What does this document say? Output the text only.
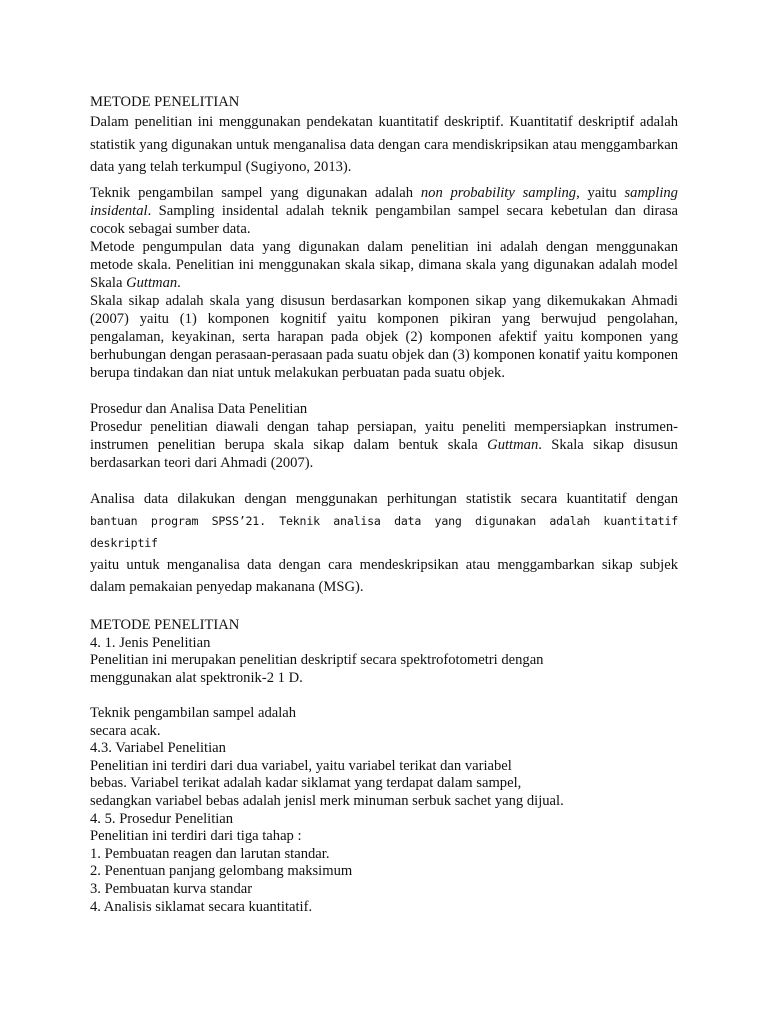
METODE PENELITIAN

Dalam penelitian ini menggunakan pendekatan kuantitatif deskriptif. Kuantitatif deskriptif adalah statistik yang digunakan untuk menganalisa data dengan cara mendiskripsikan atau menggambarkan data yang telah terkumpul (Sugiyono, 2013).

Teknik pengambilan sampel yang digunakan adalah non probability sampling, yaitu sampling insidental. Sampling insidental adalah teknik pengambilan sampel secara kebetulan dan dirasa cocok sebagai sumber data.

Metode pengumpulan data yang digunakan dalam penelitian ini adalah dengan menggunakan metode skala. Penelitian ini menggunakan skala sikap, dimana skala yang digunakan adalah model Skala Guttman.

Skala sikap adalah skala yang disusun berdasarkan komponen sikap yang dikemukakan Ahmadi (2007) yaitu (1) komponen kognitif yaitu komponen pikiran yang berwujud pengolahan, pengalaman, keyakinan, serta harapan pada objek (2) komponen afektif yaitu komponen yang berhubungan dengan perasaan-perasaan pada suatu objek dan (3) komponen konatif yaitu komponen berupa tindakan dan niat untuk melakukan perbuatan pada suatu objek.

Prosedur dan Analisa Data Penelitian

Prosedur penelitian diawali dengan tahap persiapan, yaitu peneliti mempersiapkan instrumen-instrumen penelitian berupa skala sikap dalam bentuk skala Guttman. Skala sikap disusun berdasarkan teori dari Ahmadi (2007).

Analisa data dilakukan dengan menggunakan perhitungan statistik secara kuantitatif dengan

bantuan program SPSS’21. Teknik analisa data yang digunakan adalah kuantitatif deskriptif

yaitu untuk menganalisa data dengan cara mendeskripsikan atau menggambarkan sikap subjek dalam pemakaian penyedap makanana (MSG).

METODE PENELITIAN

4. 1. Jenis Penelitian

Penelitian ini merupakan penelitian deskriptif secara spektrofotometri dengan

menggunakan alat spektronik-2 1 D.

Teknik pengambilan sampel adalah

secara acak.

4.3. Variabel Penelitian

Penelitian ini terdiri dari dua variabel, yaitu variabel terikat dan variabel

bebas. Variabel terikat adalah kadar siklamat yang terdapat dalam sampel,

sedangkan variabel bebas adalah jenisl merk minuman serbuk sachet yang dijual.

4. 5. Prosedur Penelitian

Penelitian ini terdiri dari tiga tahap :

1. Pembuatan reagen dan larutan standar.

2. Penentuan panjang gelombang maksimum

3. Pembuatan kurva standar

4. Analisis siklamat secara kuantitatif.
